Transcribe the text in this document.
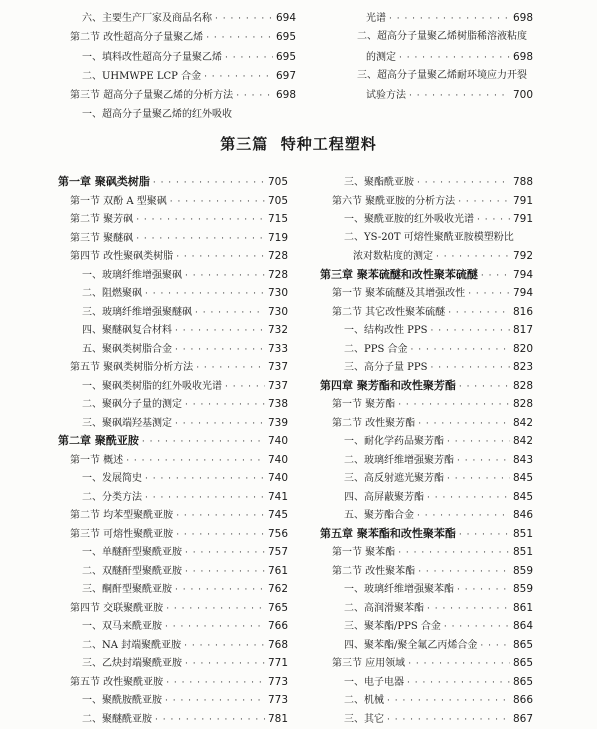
第三篇  特种工程塑料
六、主要生产厂家及商品名称 · · ·	694
第二节 改性超高分子量聚乙烯 · · ·	695
一、填料改性超高分子量聚乙烯 · · ·	695
二、UHMWPE LCP 合金 · · ·	697
第三节 超高分子量聚乙烯的分析方法 · · ·	698
一、超高分子量聚乙烯的红外吸收
光谱 · · ·	698
二、超高分子量聚乙烯树脂稀溶液粘度
的测定 · · ·	698
三、超高分子量聚乙烯耐环境应力开裂
试验方法 · · ·	700
第一章 聚砜类树脂 · · ·	705
第一节 双酚 A 型聚砜 · · ·	705
第二节 聚芳砜 · · ·	715
第三节 聚醚砜 · · ·	719
第四节 改性聚砜类树脂 · · ·	728
一、玻璃纤维增强聚砜 · · ·	728
二、阻燃聚砜 · · ·	730
三、玻璃纤维增强聚醚砜 · · ·	730
四、聚醚砜复合材料 · · ·	732
五、聚砜类树脂合金 · · ·	733
第五节 聚砜类树脂分析方法 · · ·	737
一、聚砜类树脂的红外吸收光谱 · · ·	737
二、聚砜分子量的测定 · · ·	738
三、聚砜端羟基测定 · · ·	739
第二章 聚酰亚胺 · · ·	740
第一节 概述 · · ·	740
一、发展简史 · · ·	740
二、分类方法 · · ·	741
第二节 均苯型聚酰亚胺 · · ·	745
第三节 可熔性聚酰亚胺 · · ·	756
一、单醚酐型聚酰亚胺 · · ·	757
二、双醚酐型聚酰亚胺 · · ·	761
三、酮酐型聚酰亚胺 · · ·	762
第四节 交联聚酰亚胺 · · ·	765
一、双马来酰亚胺 · · ·	766
二、NA 封端聚酰亚胺 · · ·	768
三、乙炔封端聚酰亚胺 · · ·	771
第五节 改性聚酰亚胺 · · ·	773
一、聚酰胺酰亚胺 · · ·	773
二、聚醚酰亚胺 · · ·	781
三、聚酯酰亚胺 · · ·	788
第六节 聚酰亚胺的分析方法 · · ·	791
一、聚酰亚胺的红外吸收光谱 · · ·	791
二、YS-20T 可熔性聚酰亚胺模塑粉比
浓对数粘度的测定 · · ·	792
第三章 聚苯硫醚和改性聚苯硫醚 · · ·	794
第一节 聚苯硫醚及其增强改性 · · ·	794
第二节 其它改性聚苯硫醚 · · ·	816
一、结构改性 PPS · · ·	817
二、PPS 合金 · · ·	820
三、高分子量 PPS · · ·	823
第四章 聚芳酯和改性聚芳酯 · · ·	828
第一节 聚芳酯 · · ·	828
第二节 改性聚芳酯 · · ·	842
一、耐化学药品聚芳酯 · · ·	842
二、玻璃纤维增强聚芳酯 · · ·	843
三、高反射遮光聚芳酯 · · ·	845
四、高屏蔽聚芳酯 · · ·	845
五、聚芳酯合金 · · ·	846
第五章 聚苯酯和改性聚苯酯 · · ·	851
第一节 聚苯酯 · · ·	851
第二节 改性聚苯酯 · · ·	859
一、玻璃纤维增强聚苯酯 · · ·	859
二、高润滑聚苯酯 · · ·	861
三、聚苯酯/PPS 合金 · · ·	864
四、聚苯酯/聚全氟乙丙烯合金 · · ·	865
第三节 应用领域 · · ·	865
一、电子电器 · · ·	865
二、机械 · · ·	866
三、其它 · · ·	867
